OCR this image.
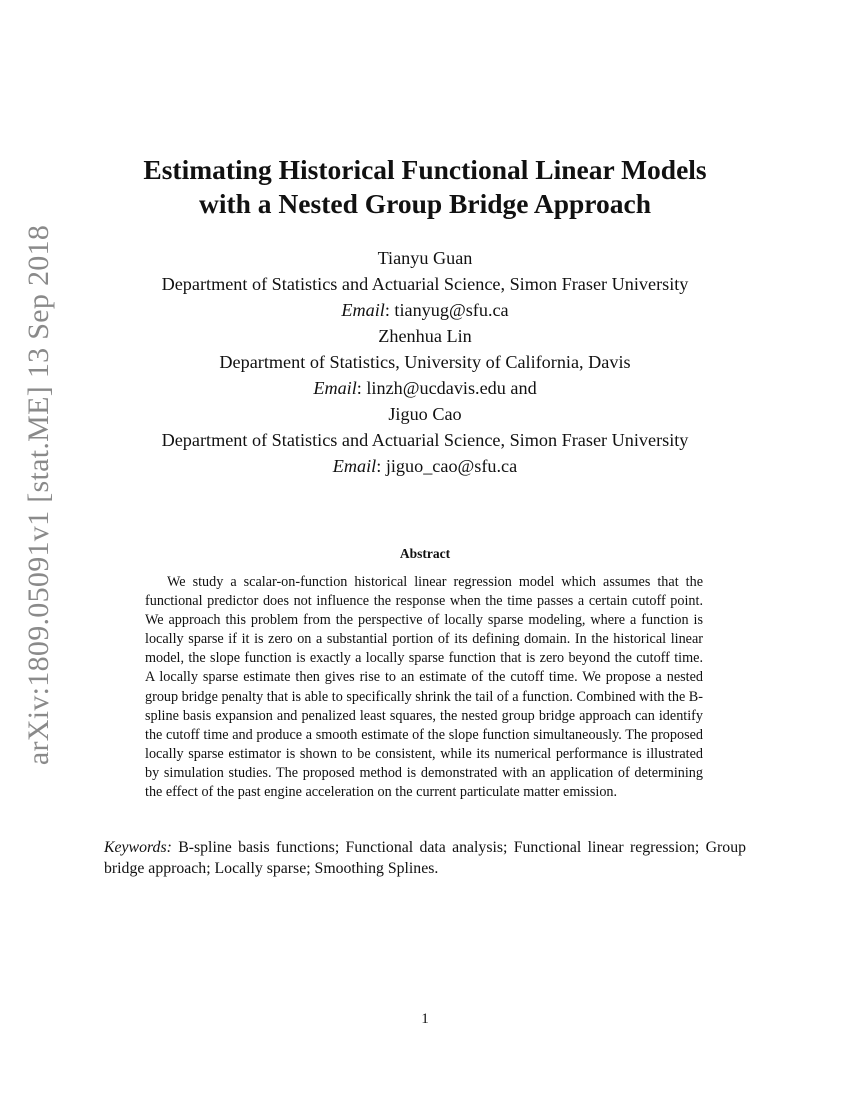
arXiv:1809.05091v1 [stat.ME] 13 Sep 2018
Estimating Historical Functional Linear Models
with a Nested Group Bridge Approach
Tianyu Guan
Department of Statistics and Actuarial Science, Simon Fraser University
Email: tianyug@sfu.ca
Zhenhua Lin
Department of Statistics, University of California, Davis
Email: linzh@ucdavis.edu and
Jiguo Cao
Department of Statistics and Actuarial Science, Simon Fraser University
Email: jiguo_cao@sfu.ca
Abstract

We study a scalar-on-function historical linear regression model which assumes that the functional predictor does not influence the response when the time passes a certain cutoff point. We approach this problem from the perspective of locally sparse modeling, where a function is locally sparse if it is zero on a substantial portion of its defining domain. In the historical linear model, the slope function is exactly a locally sparse function that is zero beyond the cutoff time. A locally sparse estimate then gives rise to an estimate of the cutoff time. We propose a nested group bridge penalty that is able to specifically shrink the tail of a function. Combined with the B-spline basis expansion and penalized least squares, the nested group bridge approach can identify the cutoff time and produce a smooth estimate of the slope function simultaneously. The proposed locally sparse estimator is shown to be consistent, while its numerical performance is illustrated by simulation studies. The proposed method is demonstrated with an application of determining the effect of the past engine acceleration on the current particulate matter emission.

Keywords: B-spline basis functions; Functional data analysis; Functional linear regression; Group bridge approach; Locally sparse; Smoothing Splines.
1
